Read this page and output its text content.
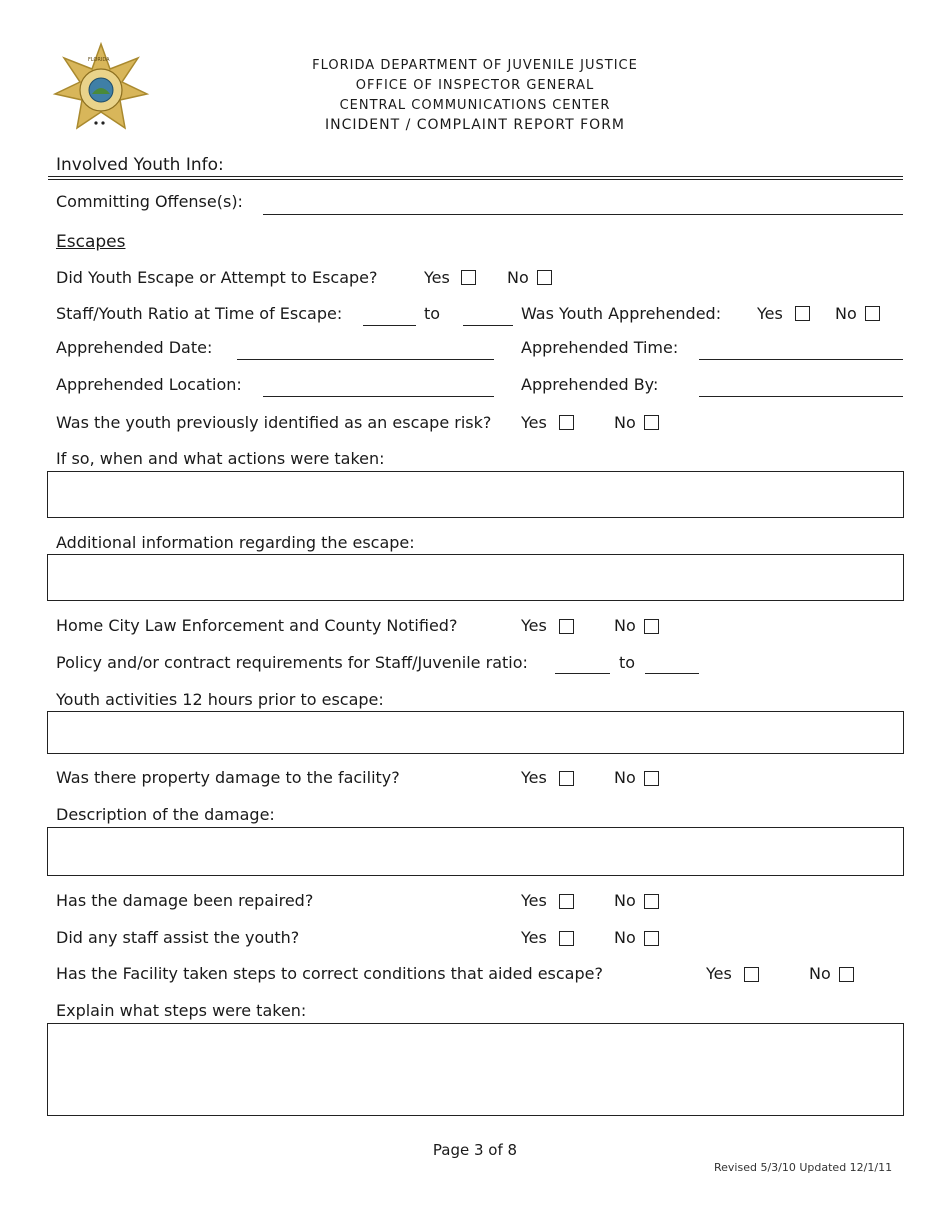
FLORIDA	FLORIDA DEPARTMENT OF JUVENILE JUSTICE
OFFICE OF INSPECTOR GENERAL
CENTRAL COMMUNICATIONS CENTER
INCIDENT / COMPLAINT REPORT FORM
Involved Youth Info:
Committing Offense(s):
Escapes
Did Youth Escape or Attempt to Escape?	Yes	No
Staff/Youth Ratio at Time of Escape:	to	Was Youth Apprehended: Yes	No
Apprehended Date:	Apprehended Time:
Apprehended Location:	Apprehended By:
Was the youth previously identified as an escape risk? Yes	No
If so, when and what actions were taken:
Additional information regarding the escape:
Home City Law Enforcement and County Notified?	Yes	No
Policy and/or contract requirements for Staff/Juvenile ratio:	to
Youth activities 12 hours prior to escape:
Was there property damage to the facility?	Yes	No
Description of the damage:
Has the damage been repaired?	Yes	No
Did any staff assist the youth?	Yes	No
Has the Facility taken steps to correct conditions that aided escape?	Yes	No
Explain what steps were taken:
Page 3 of 8
Revised 5/3/10 Updated 12/1/11
